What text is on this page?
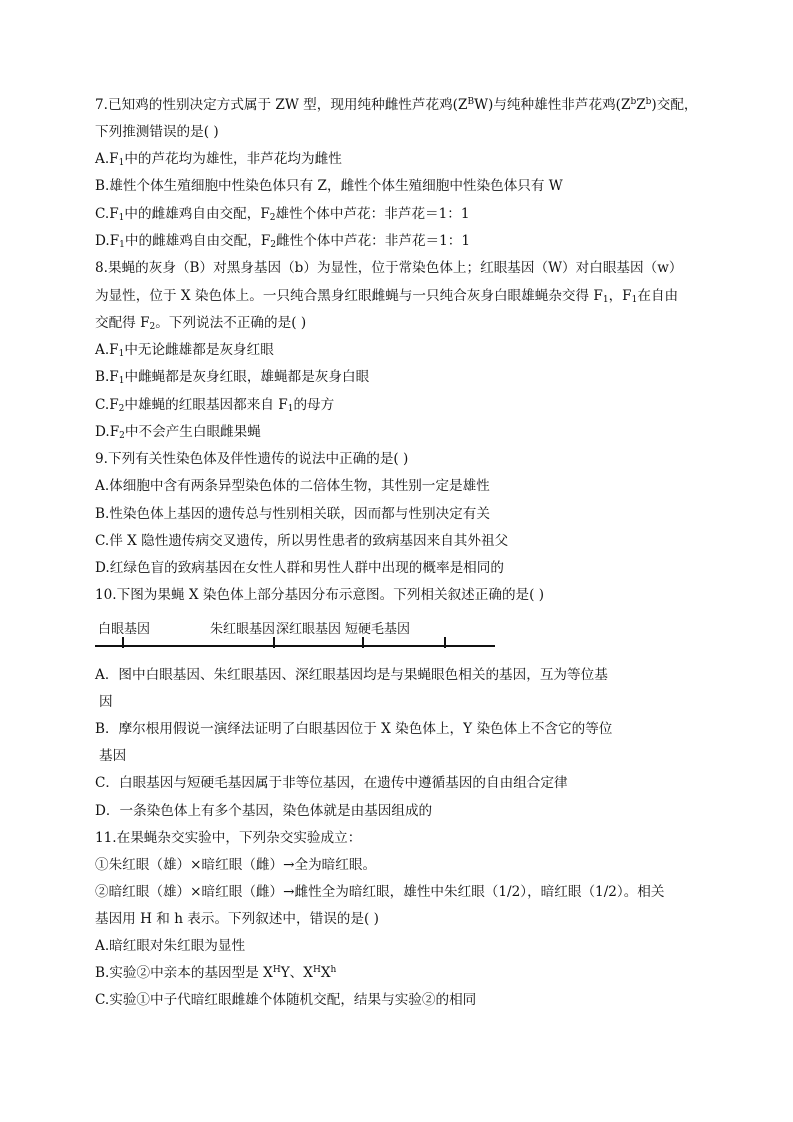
7.已知鸡的性别决定方式属于 ZW 型，现用纯种雌性芦花鸡$(Z^BW)$与纯种雄性非芦花鸡$(Z^bZ^b)$交配，
下列推测错误的是( )
$A.F_1$中的芦花均为雄性，非芦花均为雌性
B.雄性个体生殖细胞中性染色体只有 Z，雌性个体生殖细胞中性染色体只有 W
$C.F_1$中的雌雄鸡自由交配，$F_2$雄性个体中芦花：非芦花＝1：1
$D.F_1$中的雌雄鸡自由交配，$F_2$雌性个体中芦花：非芦花＝1：1
8.果蝇的灰身（B）对黑身基因（b）为显性，位于常染色体上；红眼基因（W）对白眼基因（w）
为显性，位于 X 染色体上。一只纯合黑身红眼雌蝇与一只纯合灰身白眼雄蝇杂交得 $F_1$，$F_1$在自由
交配得 $F_2$。下列说法不正确的是( )
$A.F_1$中无论雌雄都是灰身红眼
$B.F_1$中雌蝇都是灰身红眼，雄蝇都是灰身白眼
$C.F_2$中雄蝇的红眼基因都来自 $F_1$的母方
$D.F_2$中不会产生白眼雌果蝇
9.下列有关性染色体及伴性遗传的说法中正确的是( )
A.体细胞中含有两条异型染色体的二倍体生物，其性别一定是雄性
B.性染色体上基因的遗传总与性别相关联，因而都与性别决定有关
C.伴 X 隐性遗传病交叉遗传，所以男性患者的致病基因来自其外祖父
D.红绿色盲的致病基因在女性人群和男性人群中出现的概率是相同的
10.下图为果蝇 X 染色体上部分基因分布示意图。下列相关叙述正确的是( )
白眼基因	朱红眼基因 深红眼基因 短硬毛基因
A．图中白眼基因、朱红眼基因、深红眼基因均是与果蝇眼色相关的基因，互为等位基
因
B．摩尔根用假说一演绎法证明了白眼基因位于 X 染色体上，Y 染色体上不含它的等位
基因
C．白眼基因与短硬毛基因属于非等位基因，在遗传中遵循基因的自由组合定律
D．一条染色体上有多个基因，染色体就是由基因组成的
11.在果蝇杂交实验中，下列杂交实验成立：
①朱红眼（雄）×暗红眼（雌）→全为暗红眼。
②暗红眼（雄）×暗红眼（雌）→雌性全为暗红眼，雄性中朱红眼（1/2），暗红眼（1/2）。相关
基因用 H 和 h 表示。下列叙述中，错误的是( )
A.暗红眼对朱红眼为显性
B.实验②中亲本的基因型是 $X^HY$、$X^HX^h$
C.实验①中子代暗红眼雌雄个体随机交配，结果与实验②的相同
